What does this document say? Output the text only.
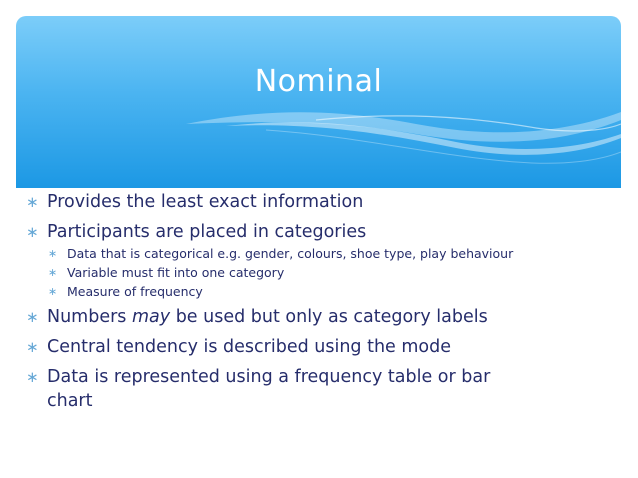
Nominal
∗ Provides the least exact information
∗ Participants are placed in categories
∗ Data that is categorical e.g. gender, colours, shoe type, play behaviour
∗ Variable must fit into one category
∗ Measure of frequency
∗ Numbers may be used but only as category labels
∗ Central tendency is described using the mode
∗ Data is represented using a frequency table or bar
chart
